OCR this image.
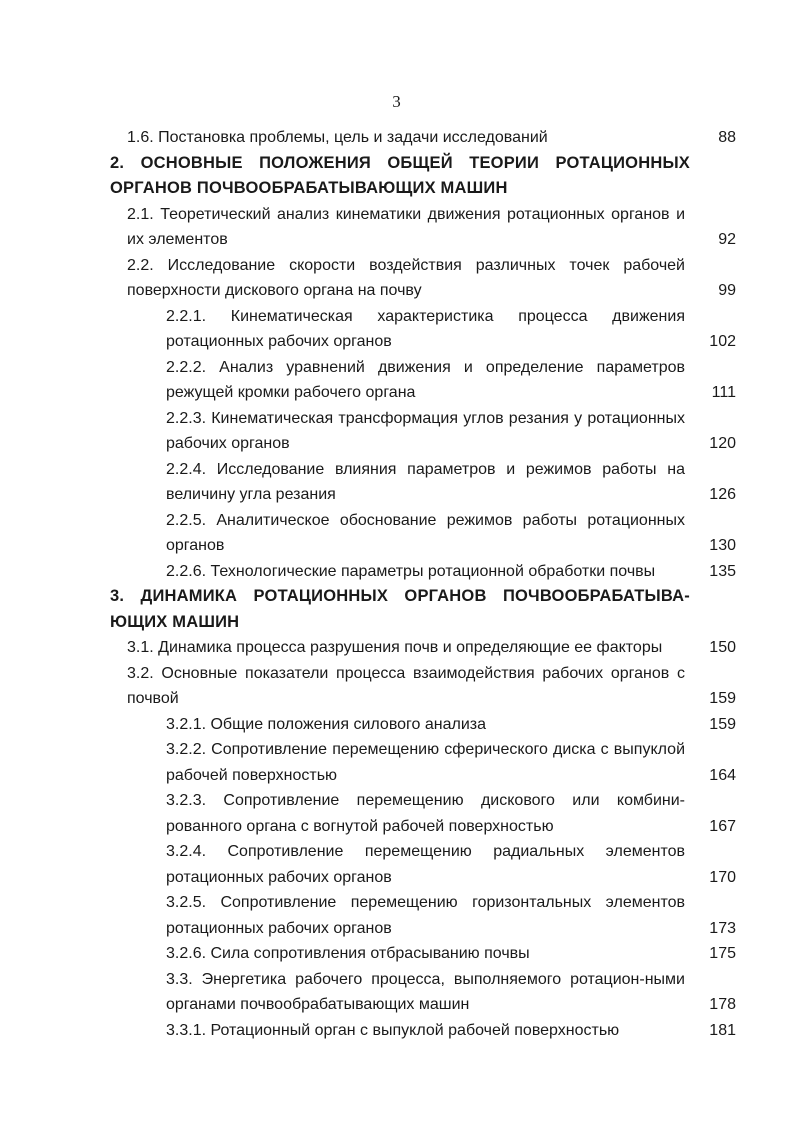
3
1.6. Постановка проблемы, цель и задачи исследований	88
2. ОСНОВНЫЕ ПОЛОЖЕНИЯ ОБЩЕЙ ТЕОРИИ РОТАЦИОННЫХ ОРГАНОВ ПОЧВООБРАБАТЫВАЮЩИХ МАШИН
2.1. Теоретический анализ кинематики движения ротационных органов и их элементов	92
2.2. Исследование скорости воздействия различных точек рабочей поверхности дискового органа на почву	99
2.2.1. Кинематическая характеристика процесса движения ротационных рабочих органов	102
2.2.2. Анализ уравнений движения и определение параметров режущей кромки рабочего органа	111
2.2.3. Кинематическая трансформация углов резания у ротационных рабочих органов	120
2.2.4. Исследование влияния параметров и режимов работы на величину угла резания	126
2.2.5. Аналитическое обоснование режимов работы ротационных органов	130
2.2.6. Технологические параметры ротационной обработки почвы	135
3. ДИНАМИКА РОТАЦИОННЫХ ОРГАНОВ ПОЧВООБРАБАТЫВА-ЮЩИХ МАШИН
3.1. Динамика процесса разрушения почв и определяющие ее факторы	150
3.2. Основные показатели процесса взаимодействия рабочих органов с почвой	159
3.2.1. Общие положения силового анализа	159
3.2.2. Сопротивление перемещению сферического диска с выпуклой рабочей поверхностью	164
3.2.3. Сопротивление перемещению дискового или комбини-рованного органа с вогнутой рабочей поверхностью	167
3.2.4. Сопротивление перемещению радиальных элементов ротационных рабочих органов	170
3.2.5. Сопротивление перемещению горизонтальных элементов ротационных рабочих органов	173
3.2.6. Сила сопротивления отбрасыванию почвы	175
3.3. Энергетика рабочего процесса, выполняемого ротацион-ными органами почвообрабатывающих машин	178
3.3.1. Ротационный орган с выпуклой рабочей поверхностью	181
